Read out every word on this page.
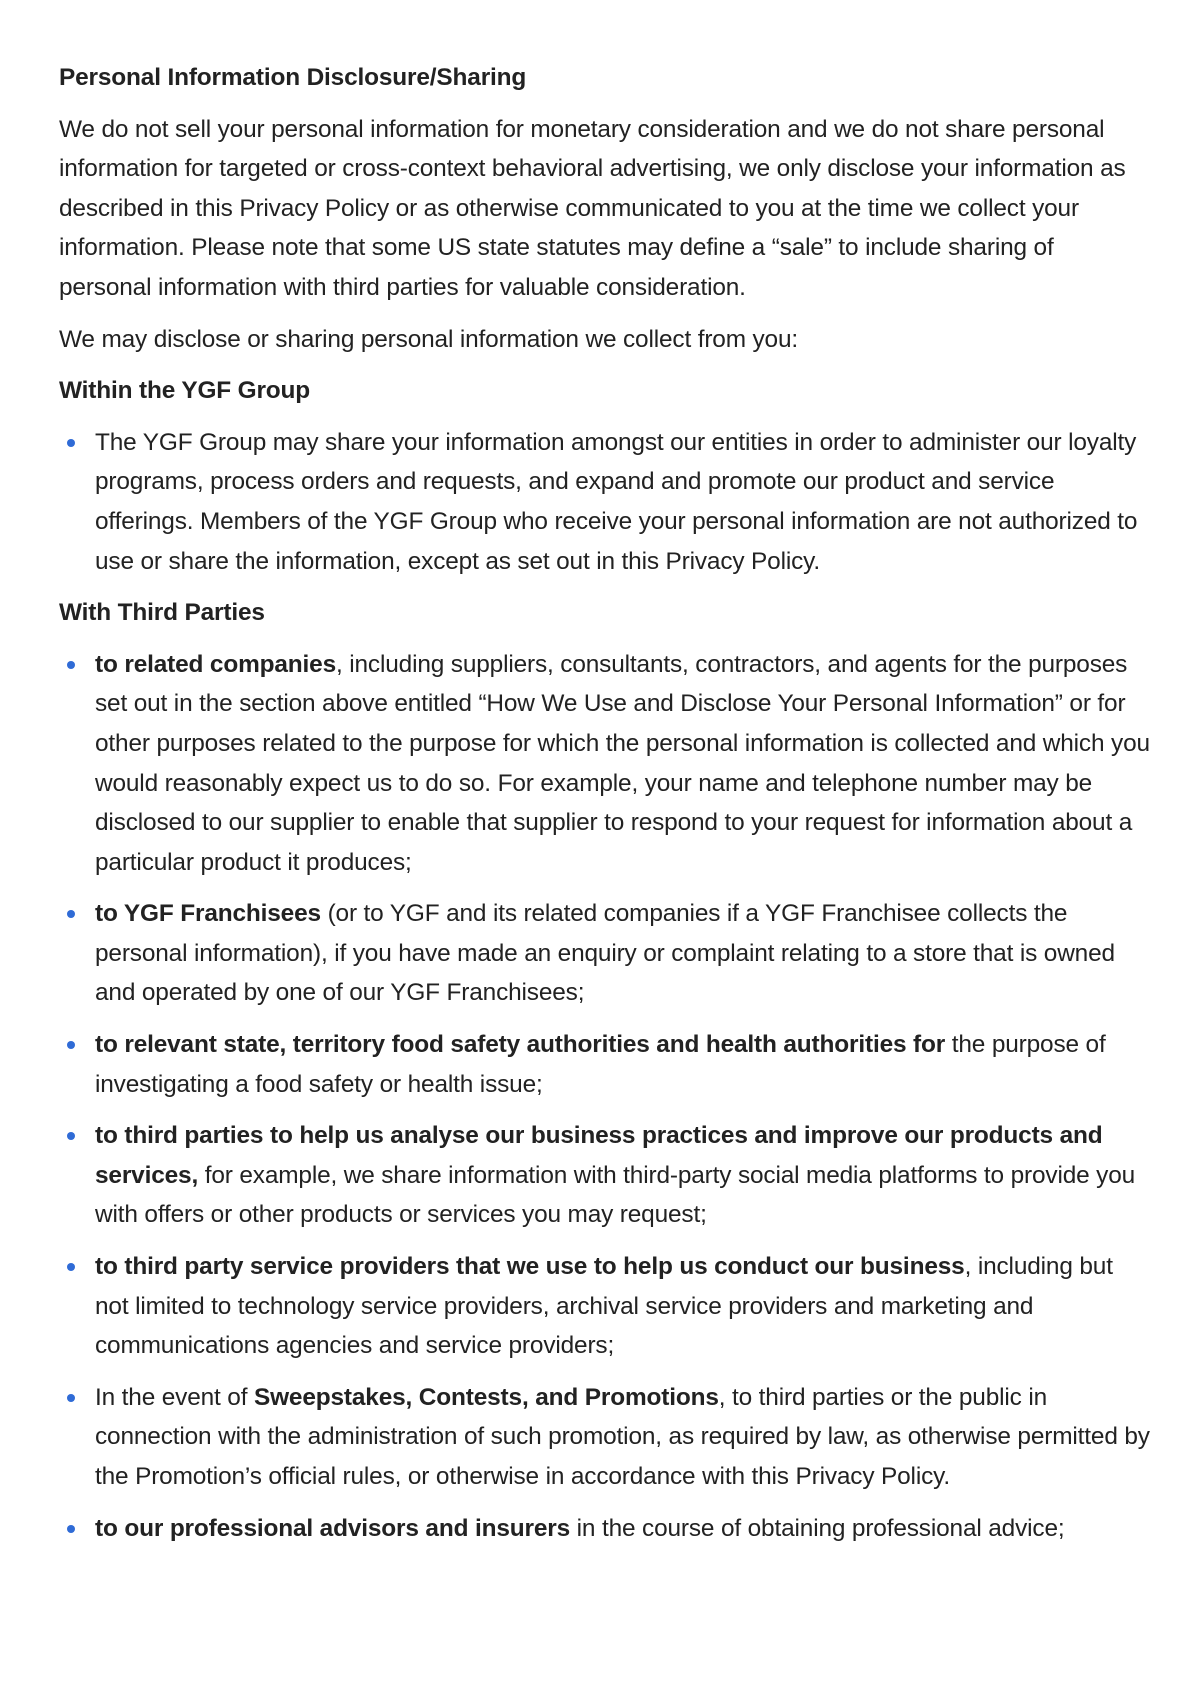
Personal Information Disclosure/Sharing

We do not sell your personal information for monetary consideration and we do not share personal information for targeted or cross-context behavioral advertising, we only disclose your information as described in this Privacy Policy or as otherwise communicated to you at the time we collect your information. Please note that some US state statutes may define a “sale” to include sharing of personal information with third parties for valuable consideration.

We may disclose or sharing personal information we collect from you:

Within the YGF Group
The YGF Group may share your information amongst our entities in order to administer our loyalty programs, process orders and requests, and expand and promote our product and service offerings. Members of the YGF Group who receive your personal information are not authorized to use or share the information, except as set out in this Privacy Policy.
With Third Parties
to related companies, including suppliers, consultants, contractors, and agents for the purposes set out in the section above entitled “How We Use and Disclose Your Personal Information” or for other purposes related to the purpose for which the personal information is collected and which you would reasonably expect us to do so. For example, your name and telephone number may be disclosed to our supplier to enable that supplier to respond to your request for information about a particular product it produces;
to YGF Franchisees (or to YGF and its related companies if a YGF Franchisee collects the personal information), if you have made an enquiry or complaint relating to a store that is owned and operated by one of our YGF Franchisees;
to relevant state, territory food safety authorities and health authorities for the purpose of investigating a food safety or health issue;
to third parties to help us analyse our business practices and improve our products and services, for example, we share information with third-party social media platforms to provide you with offers or other products or services you may request;
to third party service providers that we use to help us conduct our business, including but not limited to technology service providers, archival service providers and marketing and communications agencies and service providers;
In the event of Sweepstakes, Contests, and Promotions, to third parties or the public in connection with the administration of such promotion, as required by law, as otherwise permitted by the Promotion’s official rules, or otherwise in accordance with this Privacy Policy.
to our professional advisors and insurers in the course of obtaining professional advice;
